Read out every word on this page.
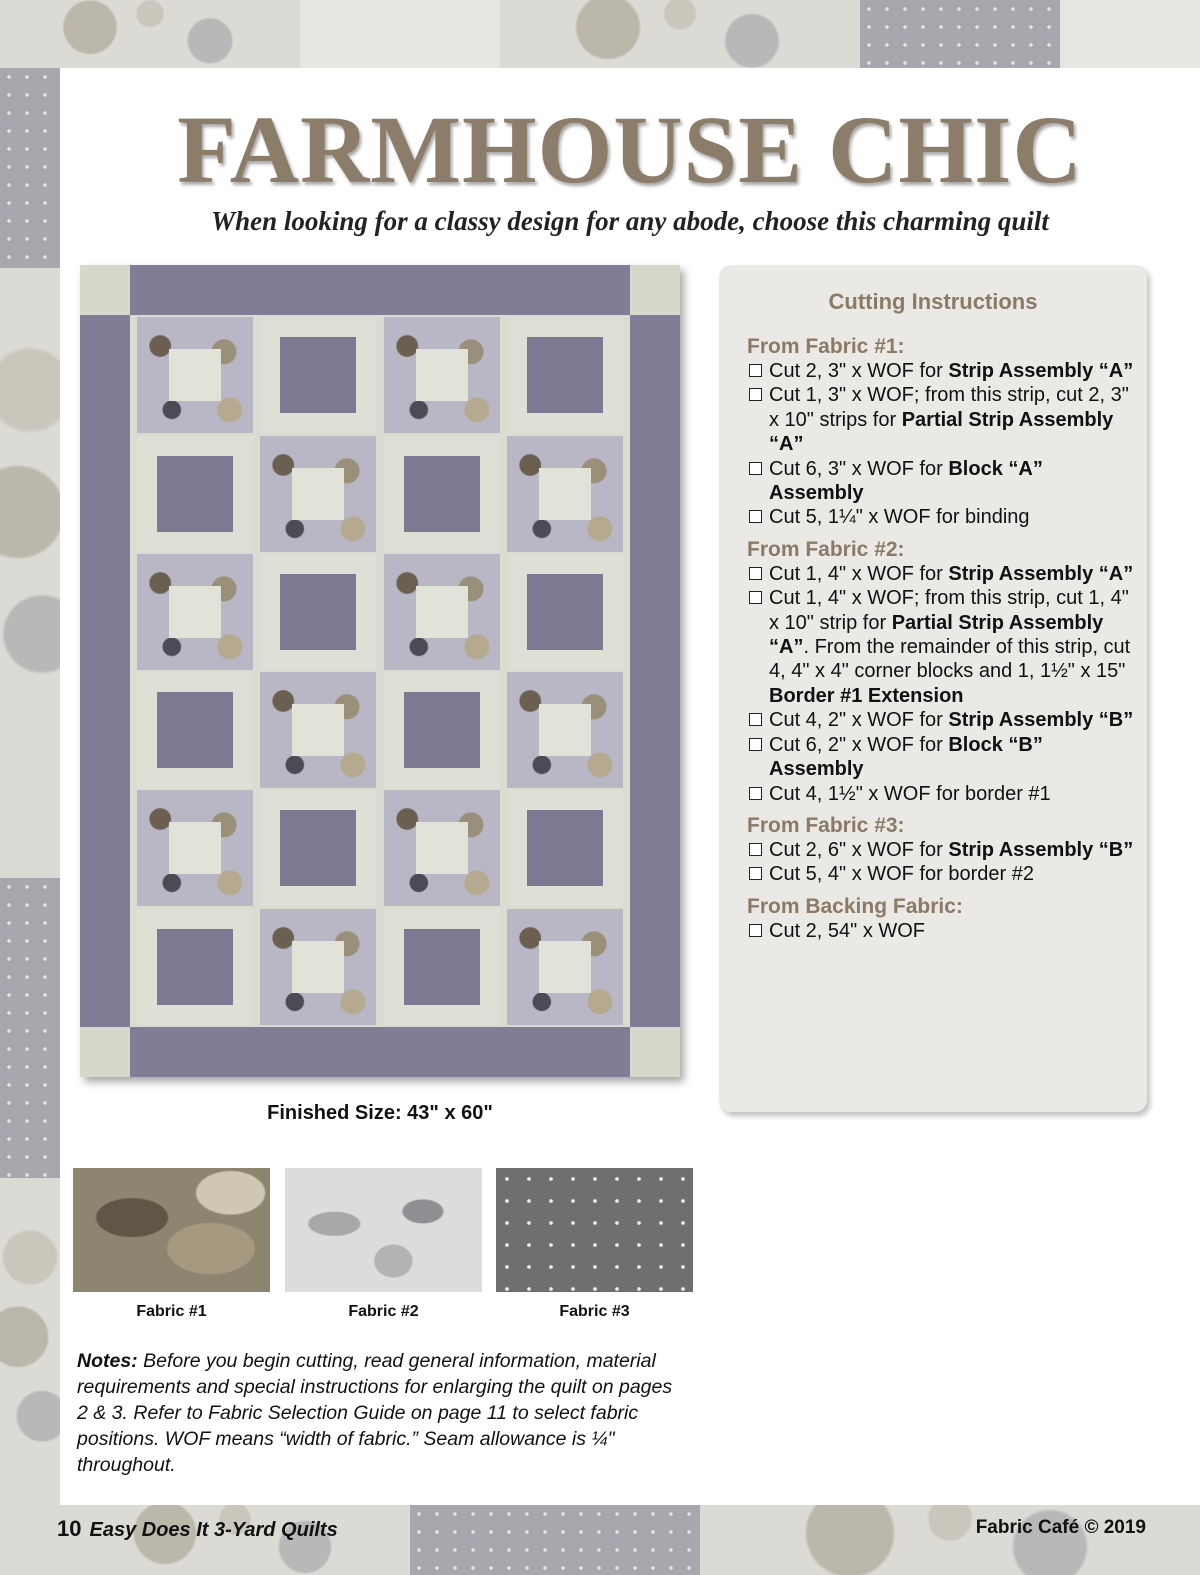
FARMHOUSE CHIC
When looking for a classy design for any abode, choose this charming quilt
Finished Size: 43" x 60"
Fabric #1	Fabric #2	Fabric #3
Notes: Before you begin cutting, read general information, material requirements and special instructions for enlarging the quilt on pages 2 & 3. Refer to Fabric Selection Guide on page 11 to select fabric positions. WOF means “width of fabric.” Seam allowance is ¼" throughout.
Cutting Instructions
From Fabric #1:
Cut 2, 3" x WOF for Strip Assembly “A”
Cut 1, 3" x WOF; from this strip, cut 2, 3" x 10" strips for Partial Strip Assembly “A”
Cut 6, 3" x WOF for Block “A” Assembly
Cut 5, 1¼" x WOF for binding
From Fabric #2:
Cut 1, 4" x WOF for Strip Assembly “A”
Cut 1, 4" x WOF; from this strip, cut 1, 4" x 10" strip for Partial Strip Assembly “A”. From the remainder of this strip, cut 4, 4" x 4" corner blocks and 1, 1½" x 15" Border #1 Extension
Cut 4, 2" x WOF for Strip Assembly “B”
Cut 6, 2" x WOF for Block “B” Assembly
Cut 4, 1½" x WOF for border #1
From Fabric #3:
Cut 2, 6" x WOF for Strip Assembly “B”
Cut 5, 4" x WOF for border #2
From Backing Fabric:
Cut 2, 54" x WOF
10 Easy Does It 3-Yard Quilts	Fabric Café © 2019
